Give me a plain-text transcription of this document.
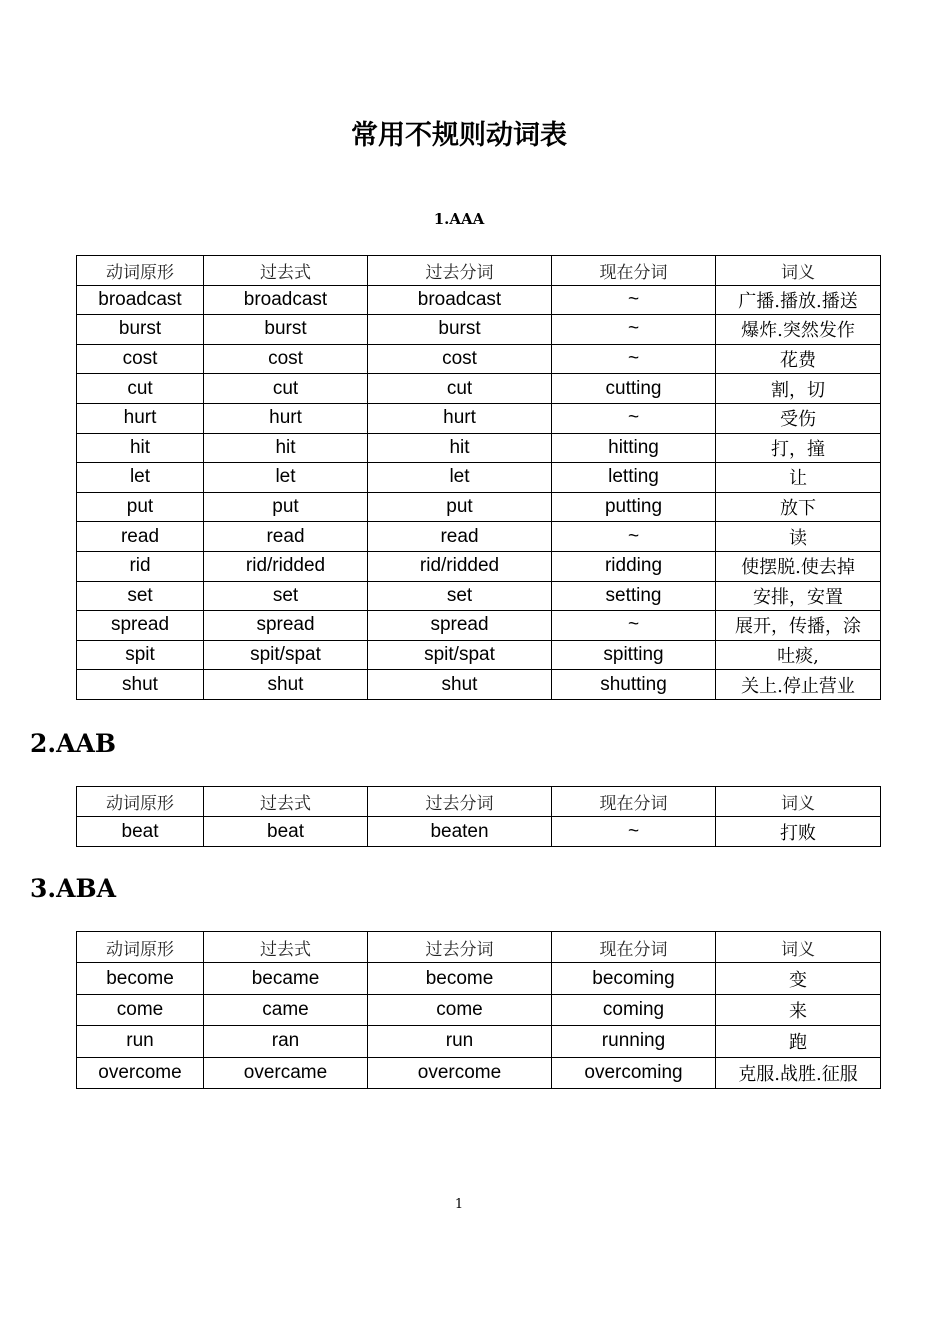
常用不规则动词表
1.AAA
动词原形	过去式	过去分词	现在分词	词义
broadcast	broadcast	broadcast	~	广播.播放.播送
burst	burst	burst	~	爆炸.突然发作
cost	cost	cost	~	花费
cut	cut	cut	cutting	割，切
hurt	hurt	hurt	~	受伤
hit	hit	hit	hitting	打，撞
let	let	let	letting	让
put	put	put	putting	放下
read	read	read	~	读
rid	rid/ridded	rid/ridded	ridding	使摆脱.使去掉
set	set	set	setting	安排，安置
spread	spread	spread	~	展开，传播，涂
spit	spit/spat	spit/spat	spitting	吐痰,
shut	shut	shut	shutting	关上.停止营业
2.AAB
动词原形	过去式	过去分词	现在分词	词义
beat	beat	beaten	~	打败
3.ABA
动词原形	过去式	过去分词	现在分词	词义
become	became	become	becoming	变
come	came	come	coming	来
run	ran	run	running	跑
overcome	overcame	overcome	overcoming	克服.战胜.征服
1
